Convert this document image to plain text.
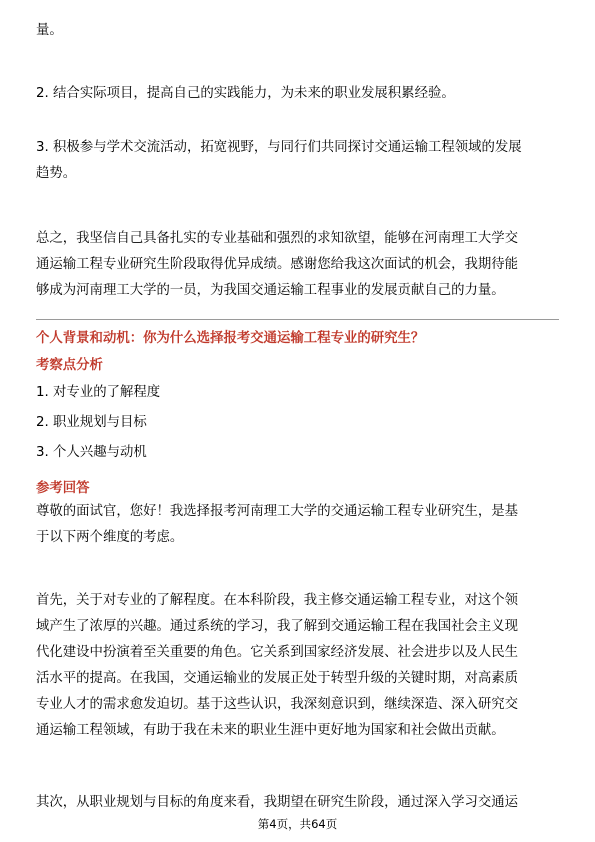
量。
2. 结合实际项目，提高自己的实践能力，为未来的职业发展积累经验。
3. 积极参与学术交流活动，拓宽视野，与同行们共同探讨交通运输工程领域的发展
趋势。
总之，我坚信自己具备扎实的专业基础和强烈的求知欲望，能够在河南理工大学交
通运输工程专业研究生阶段取得优异成绩。感谢您给我这次面试的机会，我期待能
够成为河南理工大学的一员，为我国交通运输工程事业的发展贡献自己的力量。

个人背景和动机：你为什么选择报考交通运输工程专业的研究生？

考察点分析

1. 对专业的了解程度

2. 职业规划与目标

3. 个人兴趣与动机

参考回答

尊敬的面试官，您好！我选择报考河南理工大学的交通运输工程专业研究生，是基
于以下两个维度的考虑。
首先，关于对专业的了解程度。在本科阶段，我主修交通运输工程专业，对这个领
域产生了浓厚的兴趣。通过系统的学习，我了解到交通运输工程在我国社会主义现
代化建设中扮演着至关重要的角色。它关系到国家经济发展、社会进步以及人民生
活水平的提高。在我国，交通运输业的发展正处于转型升级的关键时期，对高素质
专业人才的需求愈发迫切。基于这些认识，我深刻意识到，继续深造、深入研究交
通运输工程领域，有助于我在未来的职业生涯中更好地为国家和社会做出贡献。
其次，从职业规划与目标的角度来看，我期望在研究生阶段，通过深入学习交通运
第4页，共64页
